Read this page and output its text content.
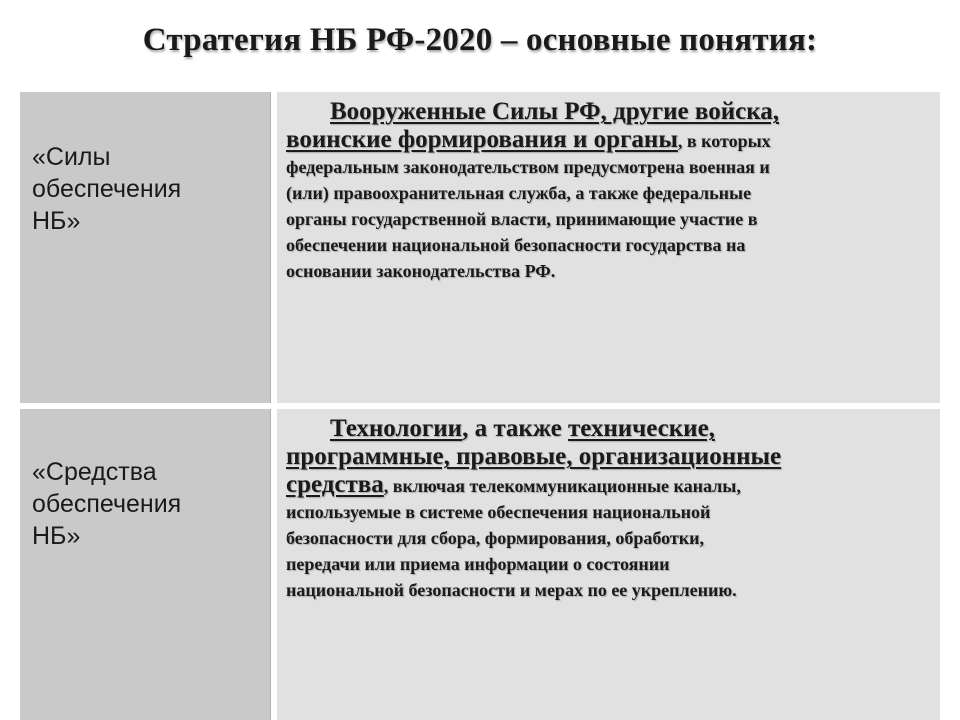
Стратегия НБ РФ-2020 – основные понятия:
«Силы
обеспечения
НБ»
Вооруженные Силы РФ, другие войска,
воинские формирования и органы, в которых
федеральным законодательством предусмотрена военная и
(или) правоохранительная служба, а также федеральные
органы государственной власти, принимающие участие в
обеспечении национальной безопасности государства на
основании законодательства РФ.
«Средства
обеспечения
НБ»
Технологии, а также технические,
программные, правовые, организационные
средства, включая телекоммуникационные каналы,
используемые в системе обеспечения национальной
безопасности для сбора, формирования, обработки,
передачи или приема информации о состоянии
национальной безопасности и мерах по ее укреплению.
